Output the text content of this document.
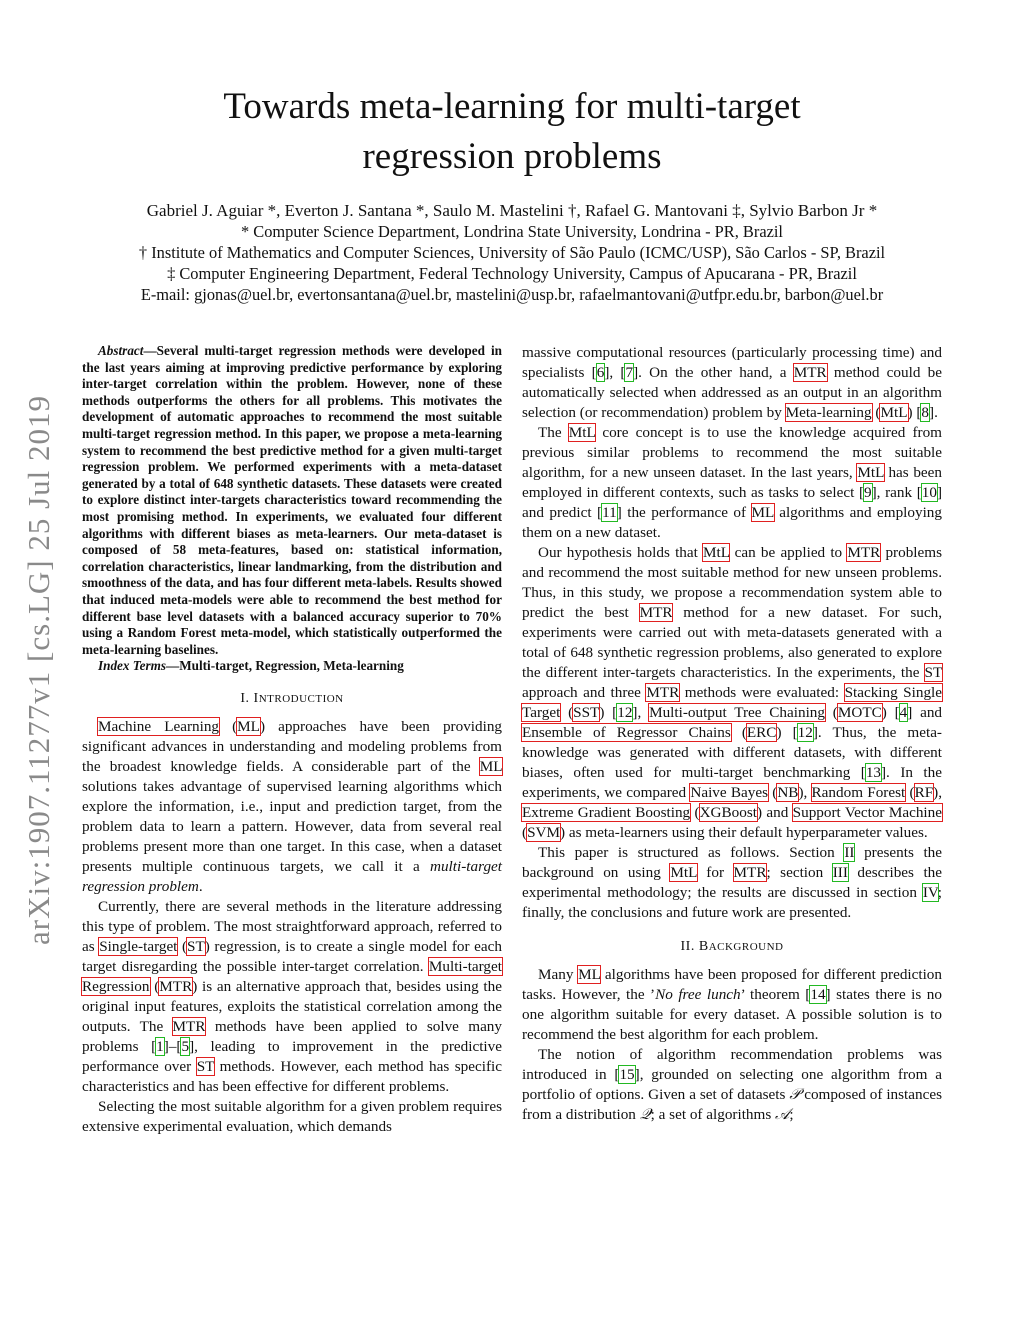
arXiv:1907.11277v1 [cs.LG] 25 Jul 2019
Towards meta-learning for multi-target
regression problems
Gabriel J. Aguiar *, Everton J. Santana *, Saulo M. Mastelini †, Rafael G. Mantovani ‡, Sylvio Barbon Jr *
* Computer Science Department, Londrina State University, Londrina - PR, Brazil
† Institute of Mathematics and Computer Sciences, University of São Paulo (ICMC/USP), São Carlos - SP, Brazil
‡ Computer Engineering Department, Federal Technology University, Campus of Apucarana - PR, Brazil
E-mail: gjonas@uel.br, evertonsantana@uel.br, mastelini@usp.br, rafaelmantovani@utfpr.edu.br, barbon@uel.br

Abstract—Several multi-target regression methods were developed in the last years aiming at improving predictive performance by exploring inter-target correlation within the problem. However, none of these methods outperforms the others for all problems. This motivates the development of automatic approaches to recommend the most suitable multi-target regression method. In this paper, we propose a meta-learning system to recommend the best predictive method for a given multi-target regression problem. We performed experiments with a meta-dataset generated by a total of 648 synthetic datasets. These datasets were created to explore distinct inter-targets characteristics toward recommending the most promising method. In experiments, we evaluated four different algorithms with different biases as meta-learners. Our meta-dataset is composed of 58 meta-features, based on: statistical information, correlation characteristics, linear landmarking, from the distribution and smoothness of the data, and has four different meta-labels. Results showed that induced meta-models were able to recommend the best method for different base level datasets with a balanced accuracy superior to 70% using a Random Forest meta-model, which statistically outperformed the meta-learning baselines.

Index Terms—Multi-target, Regression, Meta-learning

I. INTRODUCTION

Machine Learning (ML) approaches have been providing significant advances in understanding and modeling problems from the broadest knowledge fields. A considerable part of the ML solutions takes advantage of supervised learning algorithms which explore the information, i.e., input and prediction target, from the problem data to learn a pattern. However, data from several real problems present more than one target. In this case, when a dataset presents multiple continuous targets, we call it a multi-target regression problem.

Currently, there are several methods in the literature addressing this type of problem. The most straightforward approach, referred to as Single-target (ST) regression, is to create a single model for each target disregarding the possible inter-target correlation. Multi-target Regression (MTR) is an alternative approach that, besides using the original input features, exploits the statistical correlation among the outputs. The MTR methods have been applied to solve many problems [1]–[5], leading to improvement in the predictive performance over ST methods. However, each method has specific characteristics and has been effective for different problems.

Selecting the most suitable algorithm for a given problem requires extensive experimental evaluation, which demands

massive computational resources (particularly processing time) and specialists [6], [7]. On the other hand, a MTR method could be automatically selected when addressed as an output in an algorithm selection (or recommendation) problem by Meta-learning (MtL) [8].

The MtL core concept is to use the knowledge acquired from previous similar problems to recommend the most suitable algorithm, for a new unseen dataset. In the last years, MtL has been employed in different contexts, such as tasks to select [9], rank [10] and predict [11] the performance of ML algorithms and employing them on a new dataset.

Our hypothesis holds that MtL can be applied to MTR problems and recommend the most suitable method for new unseen problems. Thus, in this study, we propose a recommendation system able to predict the best MTR method for a new dataset. For such, experiments were carried out with meta-datasets generated with a total of 648 synthetic regression problems, also generated to explore the different inter-targets characteristics. In the experiments, the ST approach and three MTR methods were evaluated: Stacking Single Target (SST) [12], Multi-output Tree Chaining (MOTC) [4] and Ensemble of Regressor Chains (ERC) [12]. Thus, the meta-knowledge was generated with different datasets, with different biases, often used for multi-target benchmarking [13]. In the experiments, we compared Naive Bayes (NB), Random Forest (RF), Extreme Gradient Boosting (XGBoost) and Support Vector Machine (SVM) as meta-learners using their default hyperparameter values.

This paper is structured as follows. Section II presents the background on using MtL for MTR; section III describes the experimental methodology; the results are discussed in section IV; finally, the conclusions and future work are presented.

II. BACKGROUND

Many ML algorithms have been proposed for different prediction tasks. However, the ’No free lunch’ theorem [14] states there is no one algorithm suitable for every dataset. A possible solution is to recommend the best algorithm for each problem.

The notion of algorithm recommendation problems was introduced in [15], grounded on selecting one algorithm from a portfolio of options. Given a set of datasets 𝒫 composed of instances from a distribution 𝒬; a set of algorithms 𝒜;
